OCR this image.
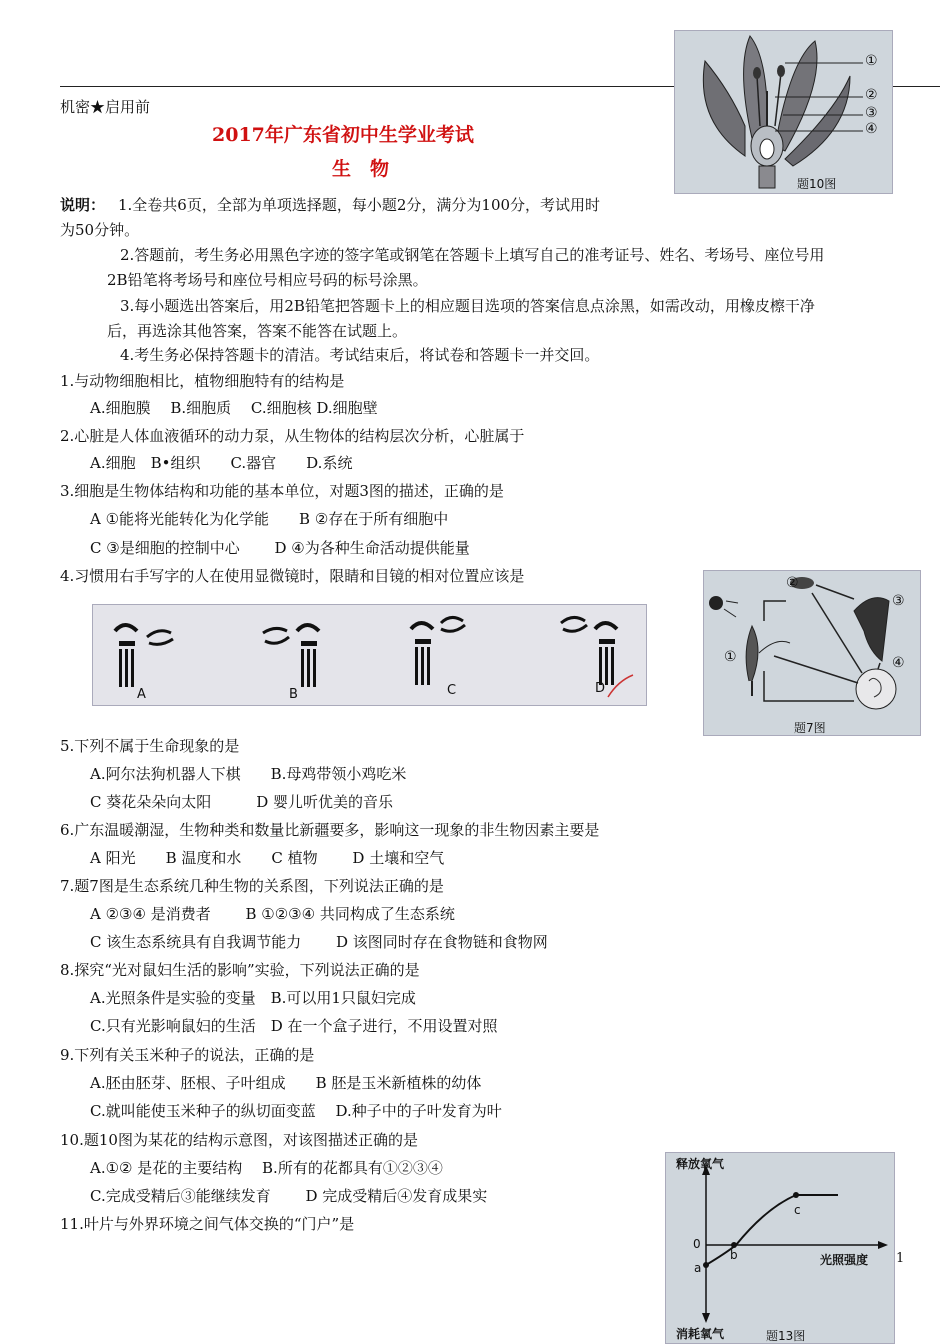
机密★启用前
2017年广东省初中生学业考试
生　物
说明： 1.全卷共6页，全部为单项选择题，每小题2分，满分为100分，考试用时
为50分钟。
2.答题前，考生务必用黑色字迹的签字笔或钢笔在答题卡上填写自己的准考证号、姓名、考场号、座位号用
2B铅笔将考场号和座位号相应号码的标号涂黑。
3.每小题选出答案后，用2B铅笔把答题卡上的相应题目选项的答案信息点涂黑，如需改动，用橡皮檫干净
后，再选涂其他答案，答案不能答在试题上。
4.考生务必保持答题卡的清洁。考试结束后，将试卷和答题卡一并交回。
1.与动物细胞相比，植物细胞特有的结构是
A.细胞膜　 B.细胞质　 C.细胞核 D.细胞壁
2.心脏是人体血液循环的动力泵，从生物体的结构层次分析，心脏属于
A.细胞　B•组织　　C.器官　　D.系统
3.细胞是生物体结构和功能的基本单位，对题3图的描述，正确的是
A ①能将光能转化为化学能　　B ②存在于所有细胞中
C ③是细胞的控制中心　　 D ④为各种生命活动提供能量
4.习惯用右手写字的人在使用显微镜时，限睛和目镜的相对位置应该是
A	B	C	D
5.下列不属于生命现象的是
A.阿尔法狗机器人下棋　　B.母鸡带领小鸡吃米
C 葵花朵朵向太阳　　　D 婴儿听优美的音乐
6.广东温暖潮湿，生物种类和数量比新疆要多，影响这一现象的非生物因素主要是
A 阳光　　B 温度和水　　C 植物　　 D 土壤和空气
7.题7图是生态系统几种生物的关系图，下列说法正确的是
A ②③④ 是消费者　　 B ①②③④ 共同构成了生态系统
C 该生态系统具有自我调节能力　　 D 该图同时存在食物链和食物网
8.探究“光对鼠妇生活的影响”实验，下列说法正确的是
A.光照条件是实验的变量　B.可以用1只鼠妇完成
C.只有光影响鼠妇的生活　D 在一个盒子进行，不用设置对照
9.下列有关玉米种子的说法，正确的是
A.胚由胚芽、胚根、子叶组成　　B 胚是玉米新植株的幼体
C.就叫能使玉米种子的纵切面变蓝　 D.种子中的子叶发育为叶
10.题10图为某花的结构示意图，对该图描述正确的是
A.①② 是花的主要结构　 B.所有的花都具有①②③④
C.完成受精后③能继续发育　　 D 完成受精后④发育成果实
11.叶片与外界环境之间气体交换的“门户”是
①
②
③
④
题10图
①
②
③
④
题7图
释放氧气
消耗氧气
光照强度
0
a
b
c
题13图
1
